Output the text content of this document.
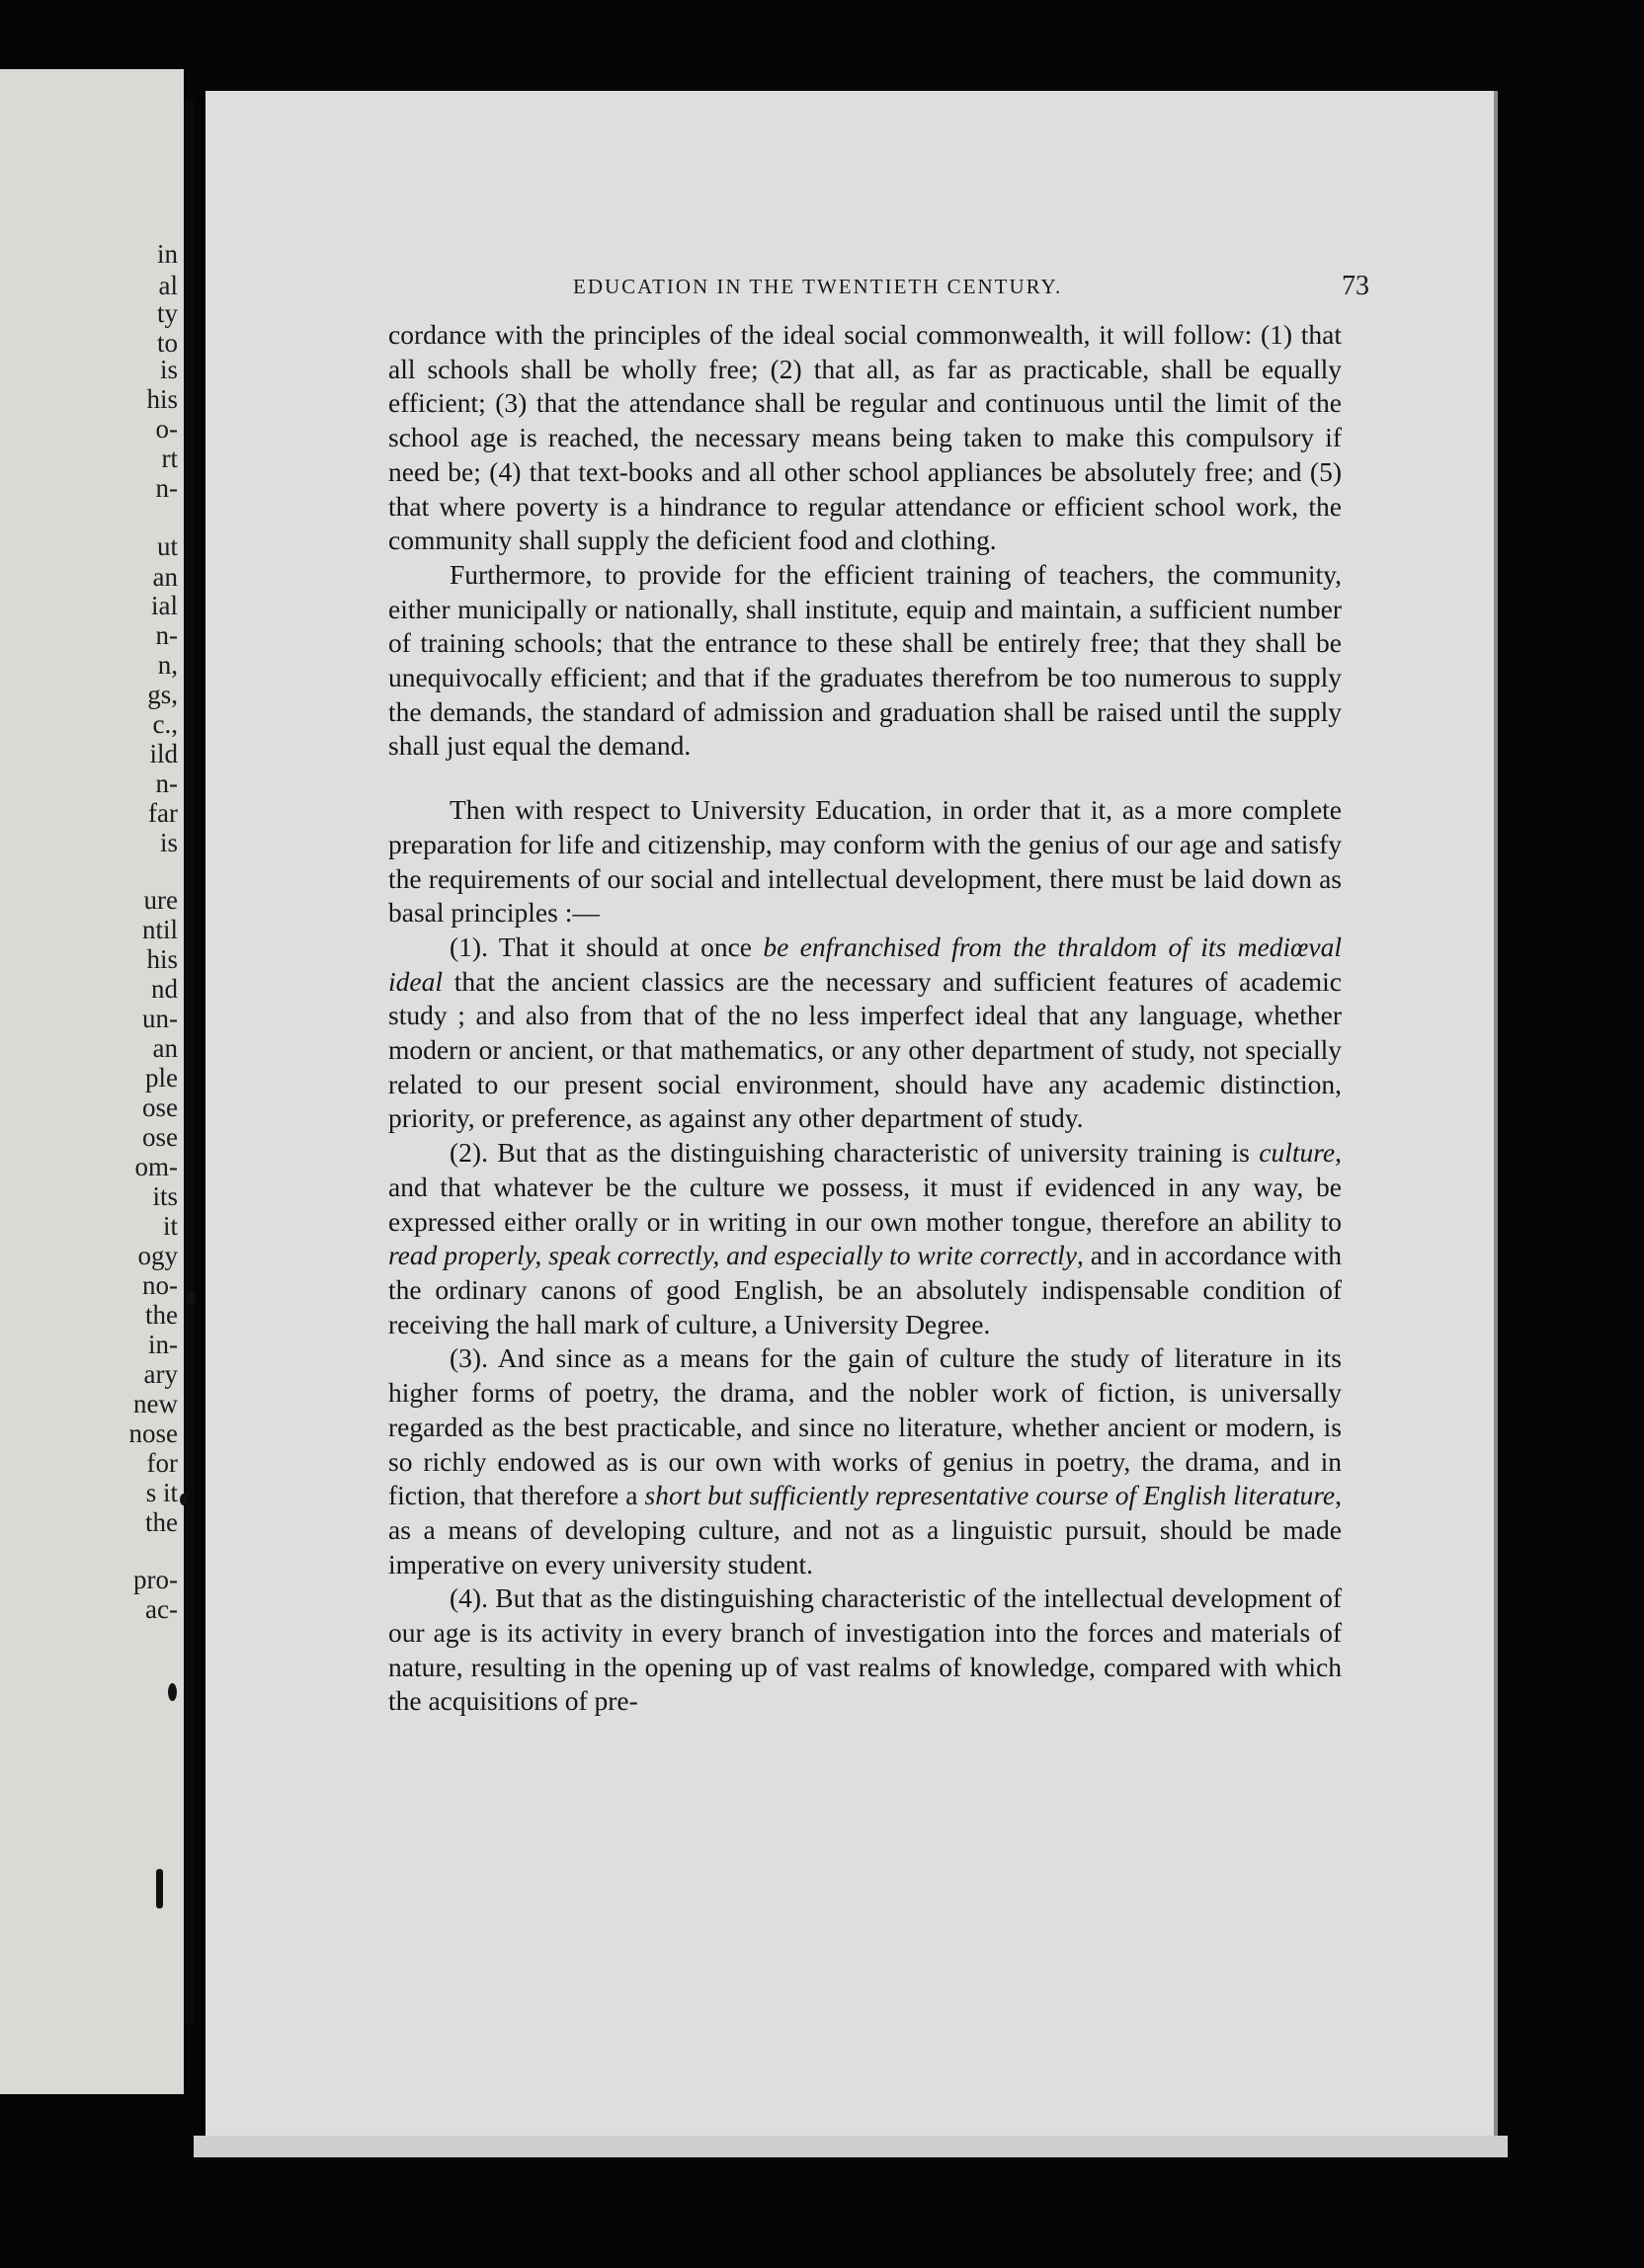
in
al
ty
to
is
his
o-
rt
n-
ut
an
ial
n-
n,
gs,
c.,
ild
n-
far
is
ure
ntil
his
nd
un-
an
ple
ose
ose
om-
its
it
ogy
no-
the
in-
ary
new
nose
for
s it
the
pro-
ac-
EDUCATION IN THE TWENTIETH CENTURY.	73

cordance with the principles of the ideal social commonwealth, it will follow: (1) that all schools shall be wholly free; (2) that all, as far as practicable, shall be equally efficient; (3) that the attendance shall be regular and continuous until the limit of the school age is reached, the necessary means being taken to make this compulsory if need be; (4) that text-books and all other school appliances be absolutely free; and (5) that where poverty is a hindrance to regular attendance or efficient school work, the community shall supply the deficient food and clothing.

Furthermore, to provide for the efficient training of teachers, the community, either municipally or nationally, shall institute, equip and maintain, a sufficient number of training schools; that the entrance to these shall be entirely free; that they shall be unequivocally efficient; and that if the graduates therefrom be too numerous to supply the demands, the standard of admission and graduation shall be raised until the supply shall just equal the demand.

Then with respect to University Education, in order that it, as a more complete preparation for life and citizenship, may conform with the genius of our age and satisfy the requirements of our social and intellectual development, there must be laid down as basal principles :—

(1). That it should at once be enfranchised from the thraldom of its mediœval ideal that the ancient classics are the necessary and sufficient features of academic study ; and also from that of the no less imperfect ideal that any language, whether modern or ancient, or that mathematics, or any other department of study, not specially related to our present social environment, should have any academic distinction, priority, or preference, as against any other department of study.

(2). But that as the distinguishing characteristic of university training is culture, and that whatever be the culture we possess, it must if evidenced in any way, be expressed either orally or in writing in our own mother tongue, therefore an ability to read properly, speak correctly, and especially to write correctly, and in accordance with the ordinary canons of good English, be an absolutely indispensable condition of receiving the hall mark of culture, a University Degree.

(3). And since as a means for the gain of culture the study of literature in its higher forms of poetry, the drama, and the nobler work of fiction, is universally regarded as the best practicable, and since no literature, whether ancient or modern, is so richly endowed as is our own with works of genius in poetry, the drama, and in fiction, that therefore a short but sufficiently representative course of English literature, as a means of developing culture, and not as a linguistic pursuit, should be made imperative on every university student.

(4). But that as the distinguishing characteristic of the intellectual development of our age is its activity in every branch of investigation into the forces and materials of nature, resulting in the opening up of vast realms of knowledge, compared with which the acquisitions of pre-
